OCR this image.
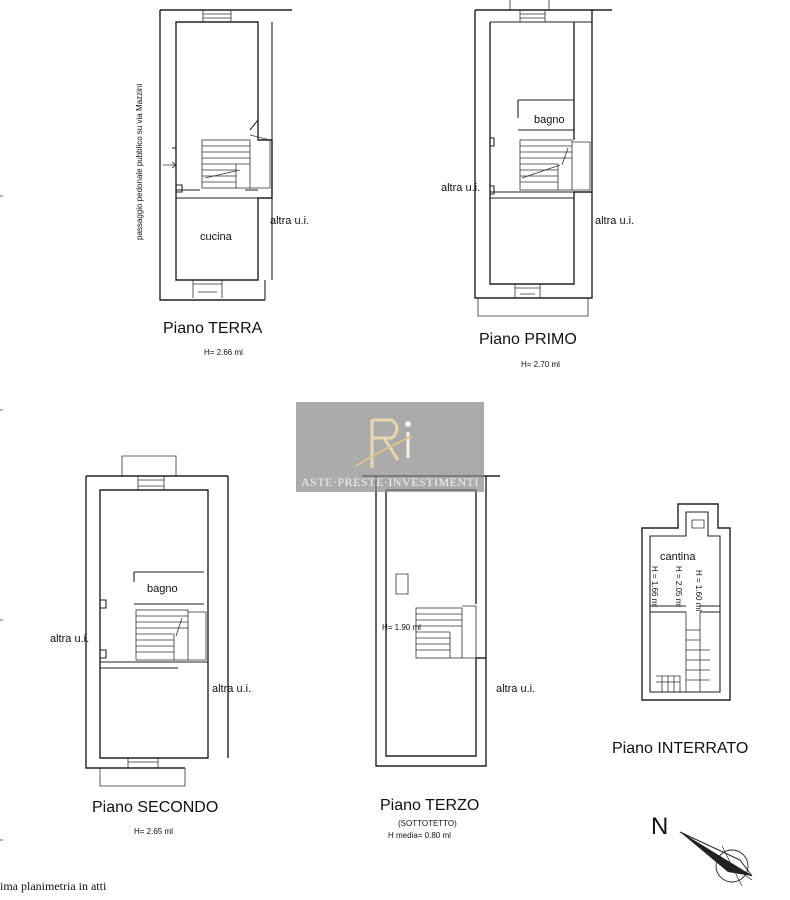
cucina
altra u.i.
passaggio pedonale pubblico su via Mazzini
Piano TERRA
H= 2.66 ml
bagno
altra u.i.
altra u.i.
Piano PRIMO
H= 2.70 ml
bagno
altra u.i.
altra u.i.
Piano SECONDO
H= 2.65 ml
H= 1.90 ml
altra u.i.
Piano TERZO
(SOTTOTETTO)
H media= 0.80 ml
cantina
H = 1.66 ml H = 2.05 ml H = 1.60 ml
Piano INTERRATO
N
ASTE·PRESTE·INVESTIMENTI
ima planimetria in atti
